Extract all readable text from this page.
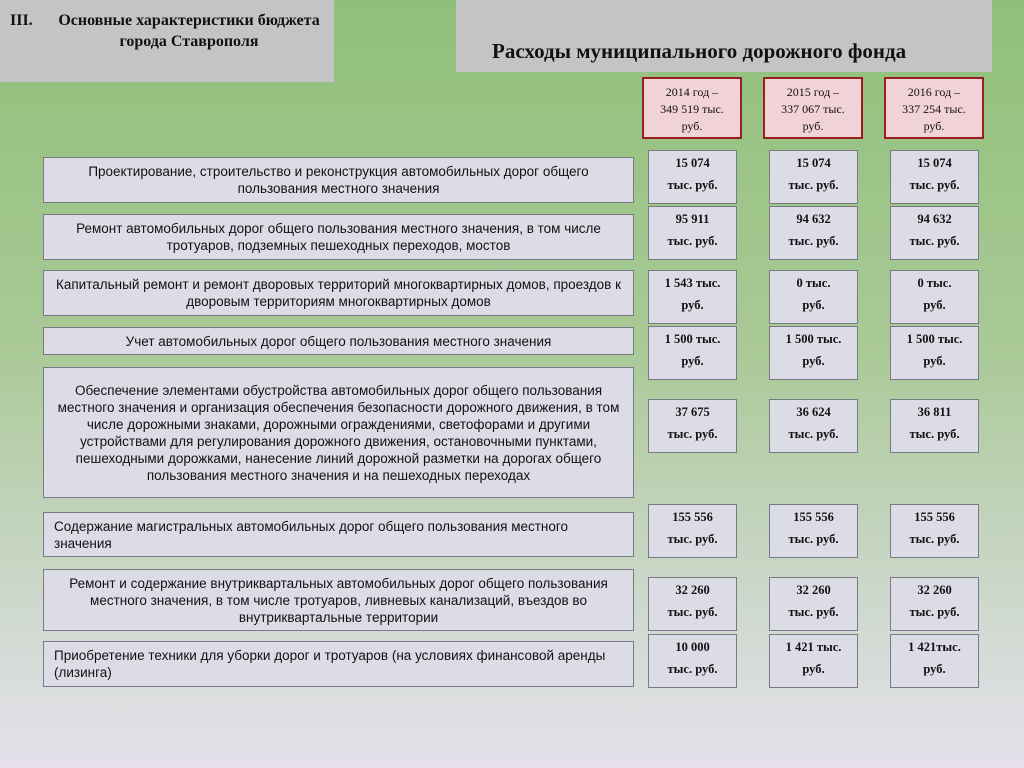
III. Основные характеристики бюджета города Ставрополя	Расходы муниципального дорожного фонда
2014 год –
349 519 тыс.
руб.
2015 год –
337 067 тыс.
руб.
2016 год –
337 254 тыс.
руб.
Проектирование, строительство и реконструкция автомобильных дорог общего пользования местного значения
15 074
тыс. руб.
15 074
тыс. руб.
15 074
тыс. руб.
Ремонт автомобильных дорог общего пользования местного значения, в том числе тротуаров, подземных пешеходных переходов, мостов
95 911
тыс. руб.
94 632
тыс. руб.
94 632
тыс. руб.
Капитальный ремонт и ремонт дворовых территорий многоквартирных домов, проездов к дворовым территориям многоквартирных домов
1 543 тыс.
руб.
0 тыс.
руб.
0 тыс.
руб.
Учет автомобильных дорог общего пользования местного значения	1 500 тыс.
руб.
1 500 тыс.
руб.
1 500 тыс.
руб.
Обеспечение элементами обустройства автомобильных дорог общего пользования местного значения и организация обеспечения безопасности дорожного движения, в том числе дорожными знаками, дорожными ограждениями, светофорами и другими устройствами для регулирования дорожного движения, остановочными пунктами, пешеходными дорожками, нанесение линий дорожной разметки на дорогах общего пользования местного значения и на пешеходных переходах
37 675
тыс. руб.
36 624
тыс. руб.
36 811
тыс. руб.
Содержание магистральных автомобильных дорог общего пользования местного значения
155 556
тыс. руб.
155 556
тыс. руб.
155 556
тыс. руб.
Ремонт и содержание внутриквартальных автомобильных дорог общего пользования местного значения, в том числе тротуаров, ливневых канализаций, въездов во внутриквартальные территории
32 260
тыс. руб.
32 260
тыс. руб.
32 260
тыс. руб.
Приобретение техники для уборки дорог и тротуаров (на условиях финансовой аренды (лизинга)
10 000
тыс. руб.
1 421 тыс.
руб.
1 421тыс.
руб.
